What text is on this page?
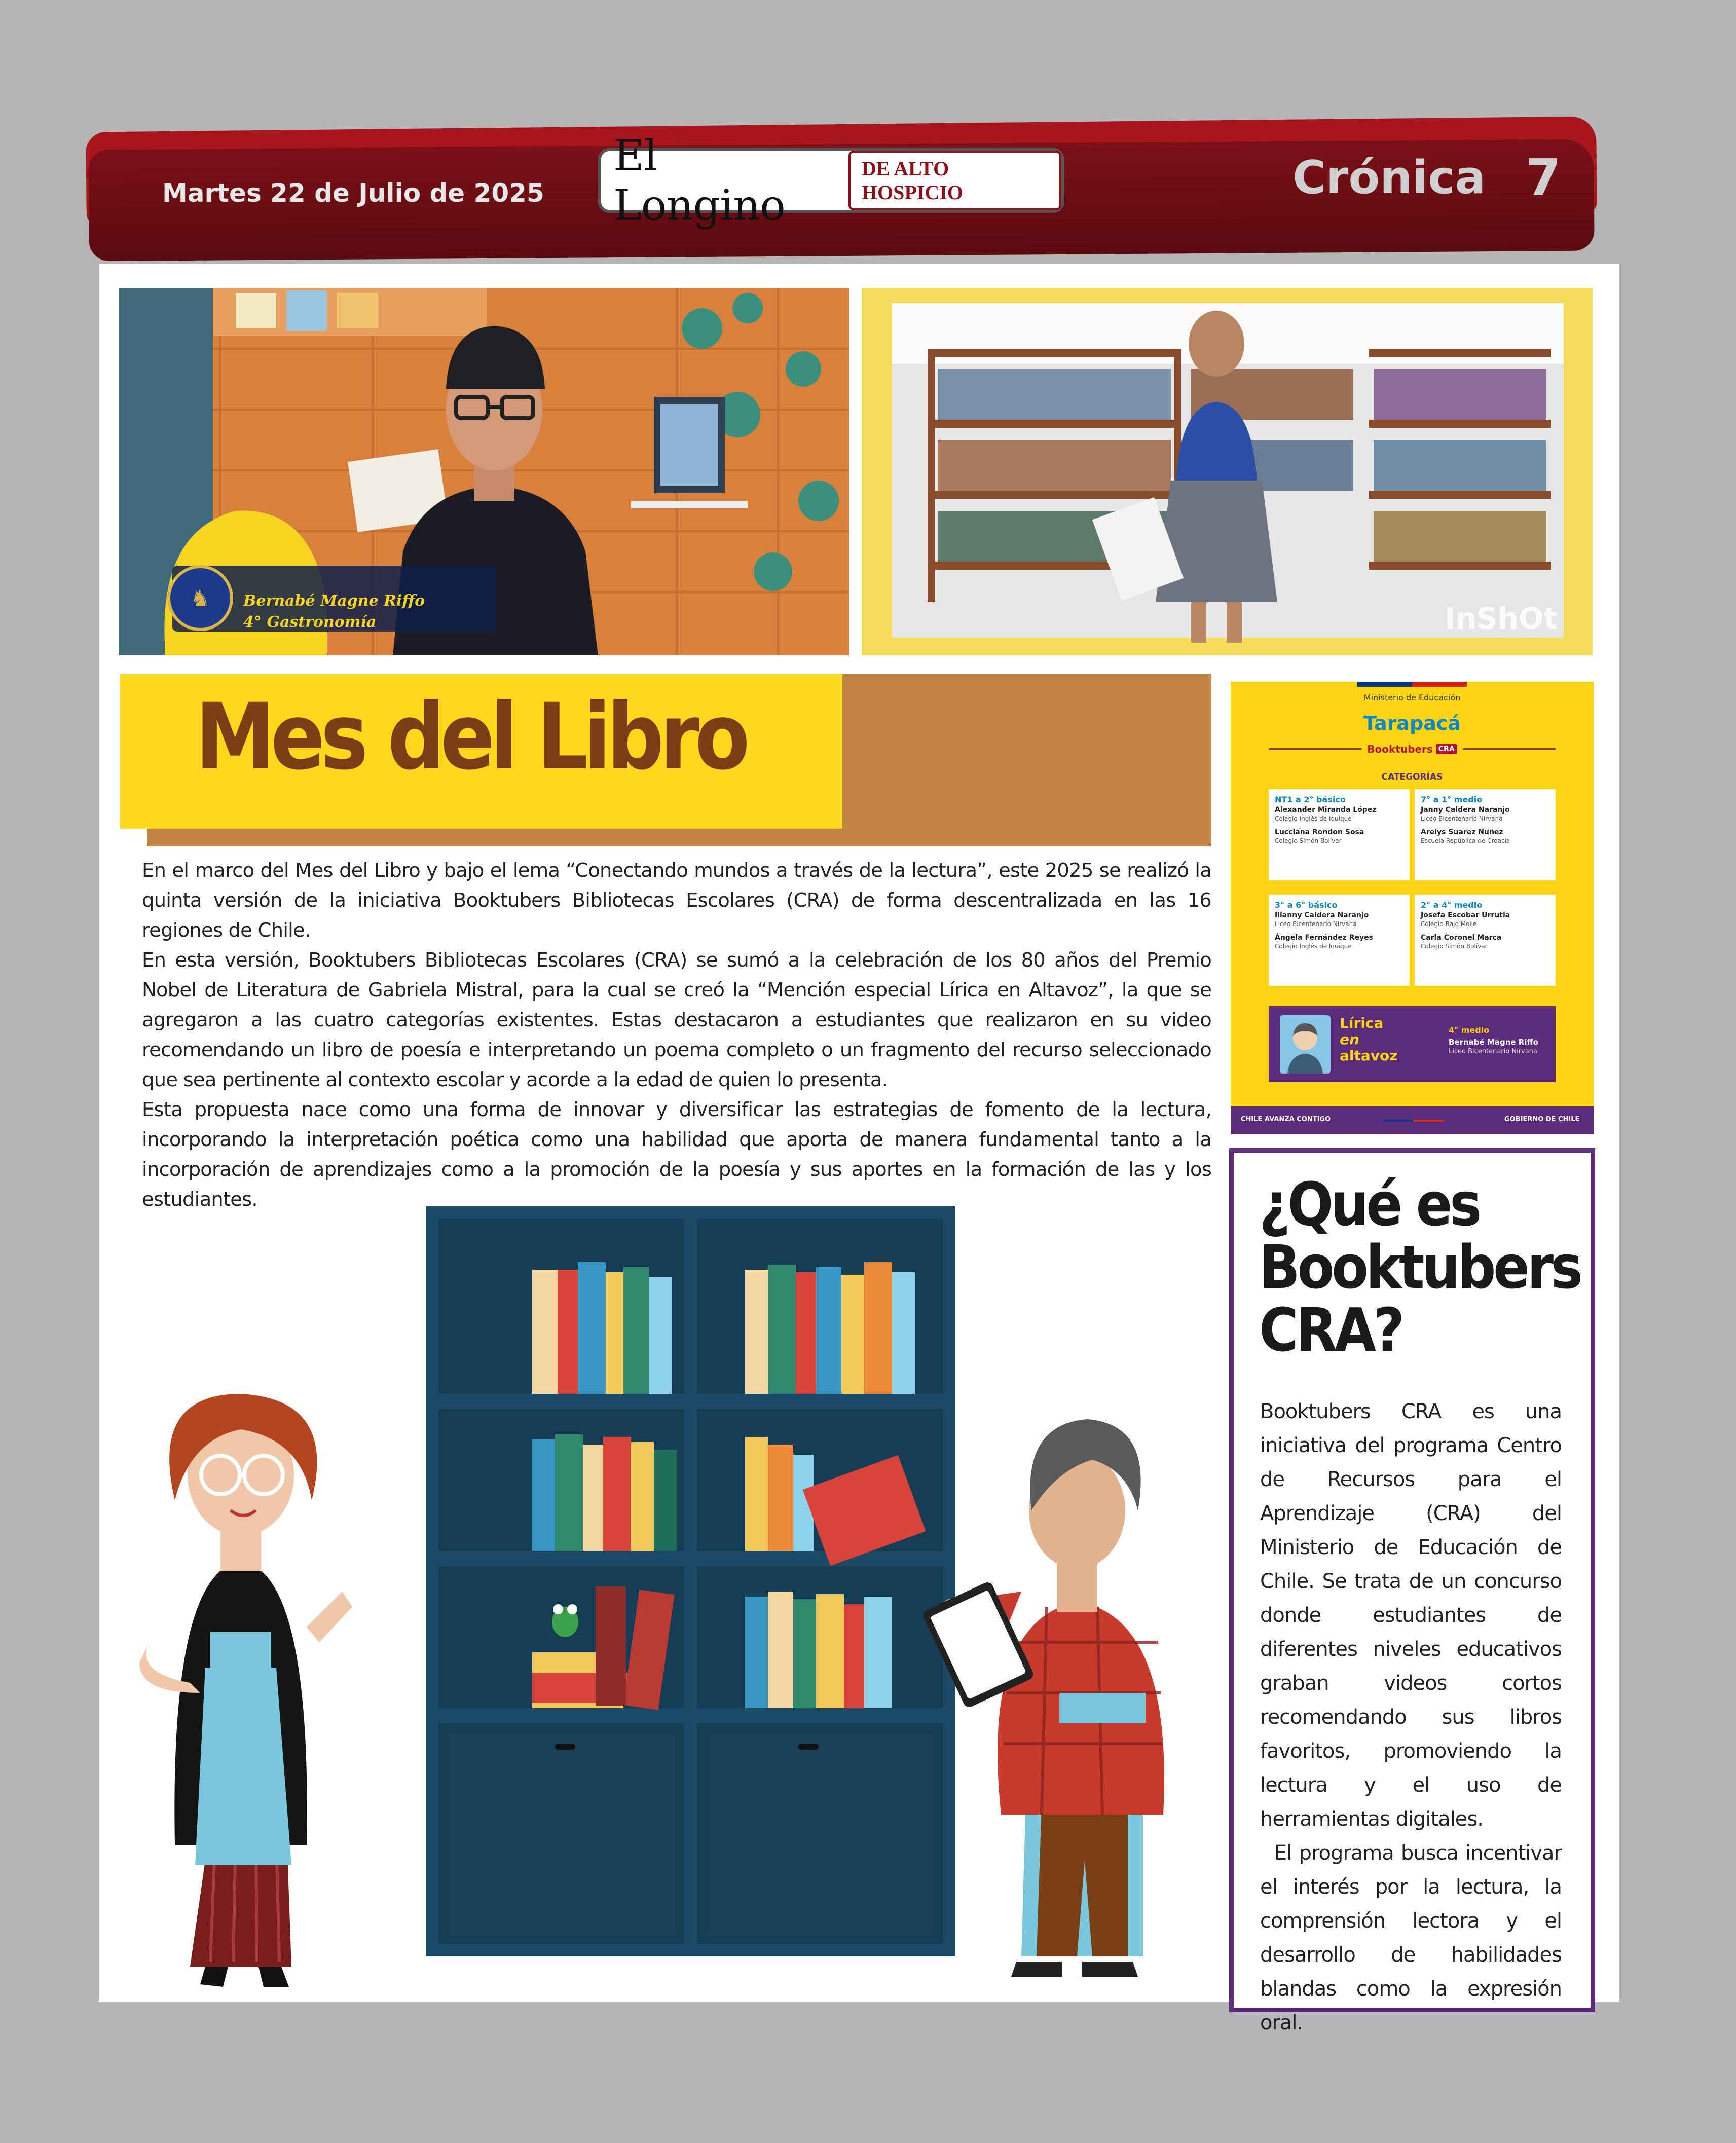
Martes 22 de Julio de 2025
El Longino
DE ALTO HOSPICIO	Crónica 7
♞ Bernabé Magne Riffo
4° Gastronomía	InShOt
Mes del Libro

En el marco del Mes del Libro y bajo el lema “Conectando mundos a través de la lectura”, este 2025 se realizó la quinta versión de la iniciativa Booktubers Bibliotecas Escolares (CRA) de forma descentralizada en las 16 regiones de Chile.

En esta versión, Booktubers Bibliotecas Escolares (CRA) se sumó a la celebración de los 80 años del Premio Nobel de Literatura de Gabriela Mistral, para la cual se creó la “Mención especial Lírica en Altavoz”, la que se agregaron a las cuatro categorías existentes. Estas destacaron a estudiantes que realizaron en su video recomendando un libro de poesía e interpretando un poema completo o un fragmento del recurso seleccionado que sea pertinente al contexto escolar y acorde a la edad de quien lo presenta.

Esta propuesta nace como una forma de innovar y diversificar las estrategias de fomento de la lectura, incorporando la interpretación poética como una habilidad que aporta de manera fundamental tanto a la incorporación de aprendizajes como a la promoción de la poesía y sus aportes en la formación de las y los estudiantes.

Ministerio de Educación
Tarapacá
Booktubers CRA
CATEGORÍAS
NT1 a 2° básico
Alexander Miranda López
Colegio Inglés de Iquique
Lucciana Rondon Sosa
Colegio Simón Bolívar
7° a 1° medio
Janny Caldera Naranjo
Liceo Bicentenario Nirvana
Arelys Suarez Nuñez
Escuela República de Croacia
3° a 6° básico
Ilianny Caldera Naranjo
Liceo Bicentenario Nirvana
Ángela Fernández Reyes
Colegio Inglés de Iquique
2° a 4° medio
Josefa Escobar Urrutia
Colegio Bajo Molle
Carla Coronel Marca
Colegio Simón Bolívar
Lírica
en
altavoz
4° medio
Bernabé Magne Riffo
Liceo Bicentenario Nirvana
CHILE AVANZA CONTIGO	GOBIERNO DE CHILE
¿Qué es
Booktubers
CRA?

Booktubers CRA es una iniciativa del programa Centro de Recursos para el Aprendizaje (CRA) del Ministerio de Educación de Chile. Se trata de un concurso donde estudiantes de diferentes niveles educativos graban videos cortos recomendando sus libros favoritos, promoviendo la lectura y el uso de herramientas digitales.

El programa busca incentivar el interés por la lectura, la comprensión lectora y el desarrollo de habilidades blandas como la expresión oral.
